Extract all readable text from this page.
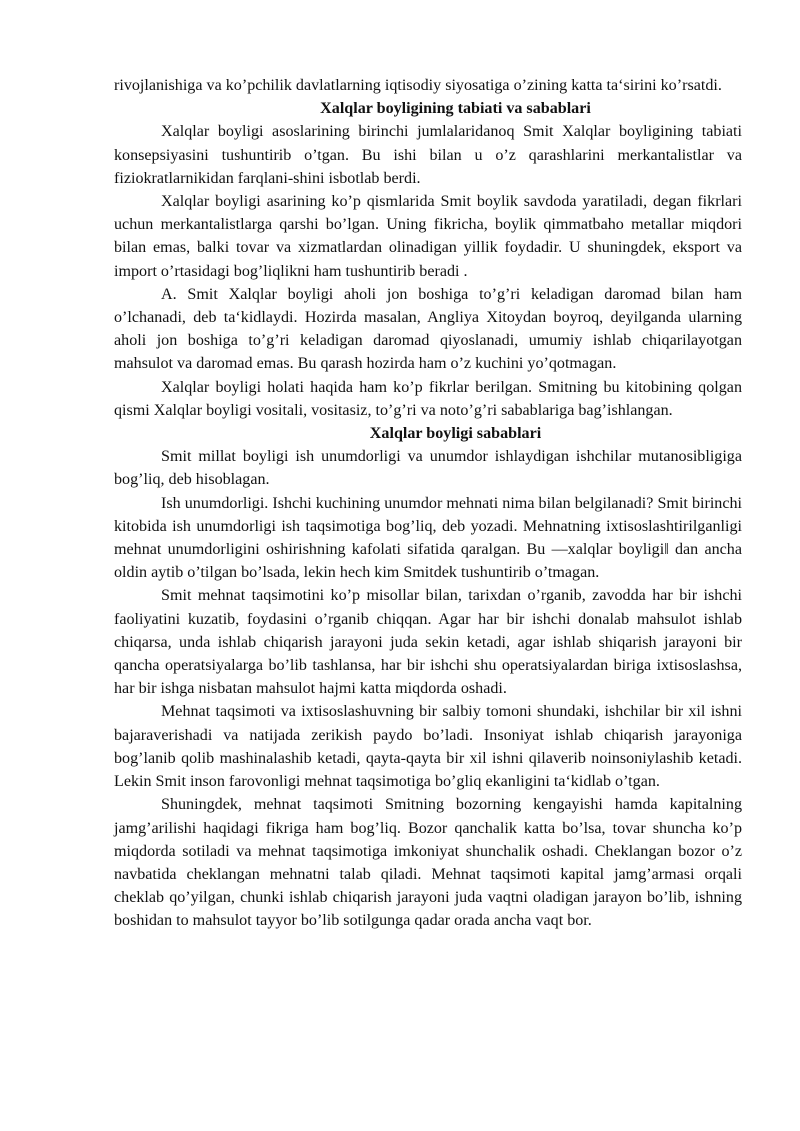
rivojlanishiga va ko’pchilik davlatlarning iqtisodiy siyosatiga o’zining katta ta‘sirini ko’rsatdi.

Xalqlar boyligining tabiati va sabablari

Xalqlar boyligi asoslarining birinchi jumlalaridanoq Smit Xalqlar boyligining tabiati konsepsiyasini tushuntirib o’tgan. Bu ishi bilan u o’z qarashlarini merkantalistlar va fiziokratlarnikidan farqlani-shini isbotlab berdi.

Xalqlar boyligi asarining ko’p qismlarida Smit boylik savdoda yaratiladi, degan fikrlari uchun merkantalistlarga qarshi bo’lgan. Uning fikricha, boylik qimmatbaho metallar miqdori bilan emas, balki tovar va xizmatlardan olinadigan yillik foydadir. U shuningdek, eksport va import o’rtasidagi bog’liqlikni ham tushuntirib beradi .

A. Smit Xalqlar boyligi aholi jon boshiga to’g’ri keladigan daromad bilan ham o’lchanadi, deb ta‘kidlaydi. Hozirda masalan, Angliya Xitoydan boyroq, deyilganda ularning aholi jon boshiga to’g’ri keladigan daromad qiyoslanadi, umumiy ishlab chiqarilayotgan mahsulot va daromad emas. Bu qarash hozirda ham o’z kuchini yo’qotmagan.

Xalqlar boyligi holati haqida ham ko’p fikrlar berilgan. Smitning bu kitobining qolgan qismi Xalqlar boyligi vositali, vositasiz, to’g’ri va noto’g’ri sabablariga bag’ishlangan.

Xalqlar boyligi sabablari

Smit millat boyligi ish unumdorligi va unumdor ishlaydigan ishchilar mutanosibligiga bog’liq, deb hisoblagan.

Ish unumdorligi. Ishchi kuchining unumdor mehnati nima bilan belgilanadi? Smit birinchi kitobida ish unumdorligi ish taqsimotiga bog’liq, deb yozadi. Mehnatning ixtisoslashtirilganligi mehnat unumdorligini oshirishning kafolati sifatida qaralgan. Bu ―xalqlar boyligi‖ dan ancha oldin aytib o’tilgan bo’lsada, lekin hech kim Smitdek tushuntirib o’tmagan.

Smit mehnat taqsimotini ko’p misollar bilan, tarixdan o’rganib, zavodda har bir ishchi faoliyatini kuzatib, foydasini o’rganib chiqqan. Agar har bir ishchi donalab mahsulot ishlab chiqarsa, unda ishlab chiqarish jarayoni juda sekin ketadi, agar ishlab shiqarish jarayoni bir qancha operatsiyalarga bo’lib tashlansa, har bir ishchi shu operatsiyalardan biriga ixtisoslashsa, har bir ishga nisbatan mahsulot hajmi katta miqdorda oshadi.

Mehnat taqsimoti va ixtisoslashuvning bir salbiy tomoni shundaki, ishchilar bir xil ishni bajaraverishadi va natijada zerikish paydo bo’ladi. Insoniyat ishlab chiqarish jarayoniga bog’lanib qolib mashinalashib ketadi, qayta-qayta bir xil ishni qilaverib noinsoniylashib ketadi. Lekin Smit inson farovonligi mehnat taqsimotiga bo’gliq ekanligini ta‘kidlab o’tgan.

Shuningdek, mehnat taqsimoti Smitning bozorning kengayishi hamda kapitalning jamg’arilishi haqidagi fikriga ham bog’liq. Bozor qanchalik katta bo’lsa, tovar shuncha ko’p miqdorda sotiladi va mehnat taqsimotiga imkoniyat shunchalik oshadi. Cheklangan bozor o’z navbatida cheklangan mehnatni talab qiladi. Mehnat taqsimoti kapital jamg’armasi orqali cheklab qo’yilgan, chunki ishlab chiqarish jarayoni juda vaqtni oladigan jarayon bo’lib, ishning boshidan to mahsulot tayyor bo’lib sotilgunga qadar orada ancha vaqt bor.
